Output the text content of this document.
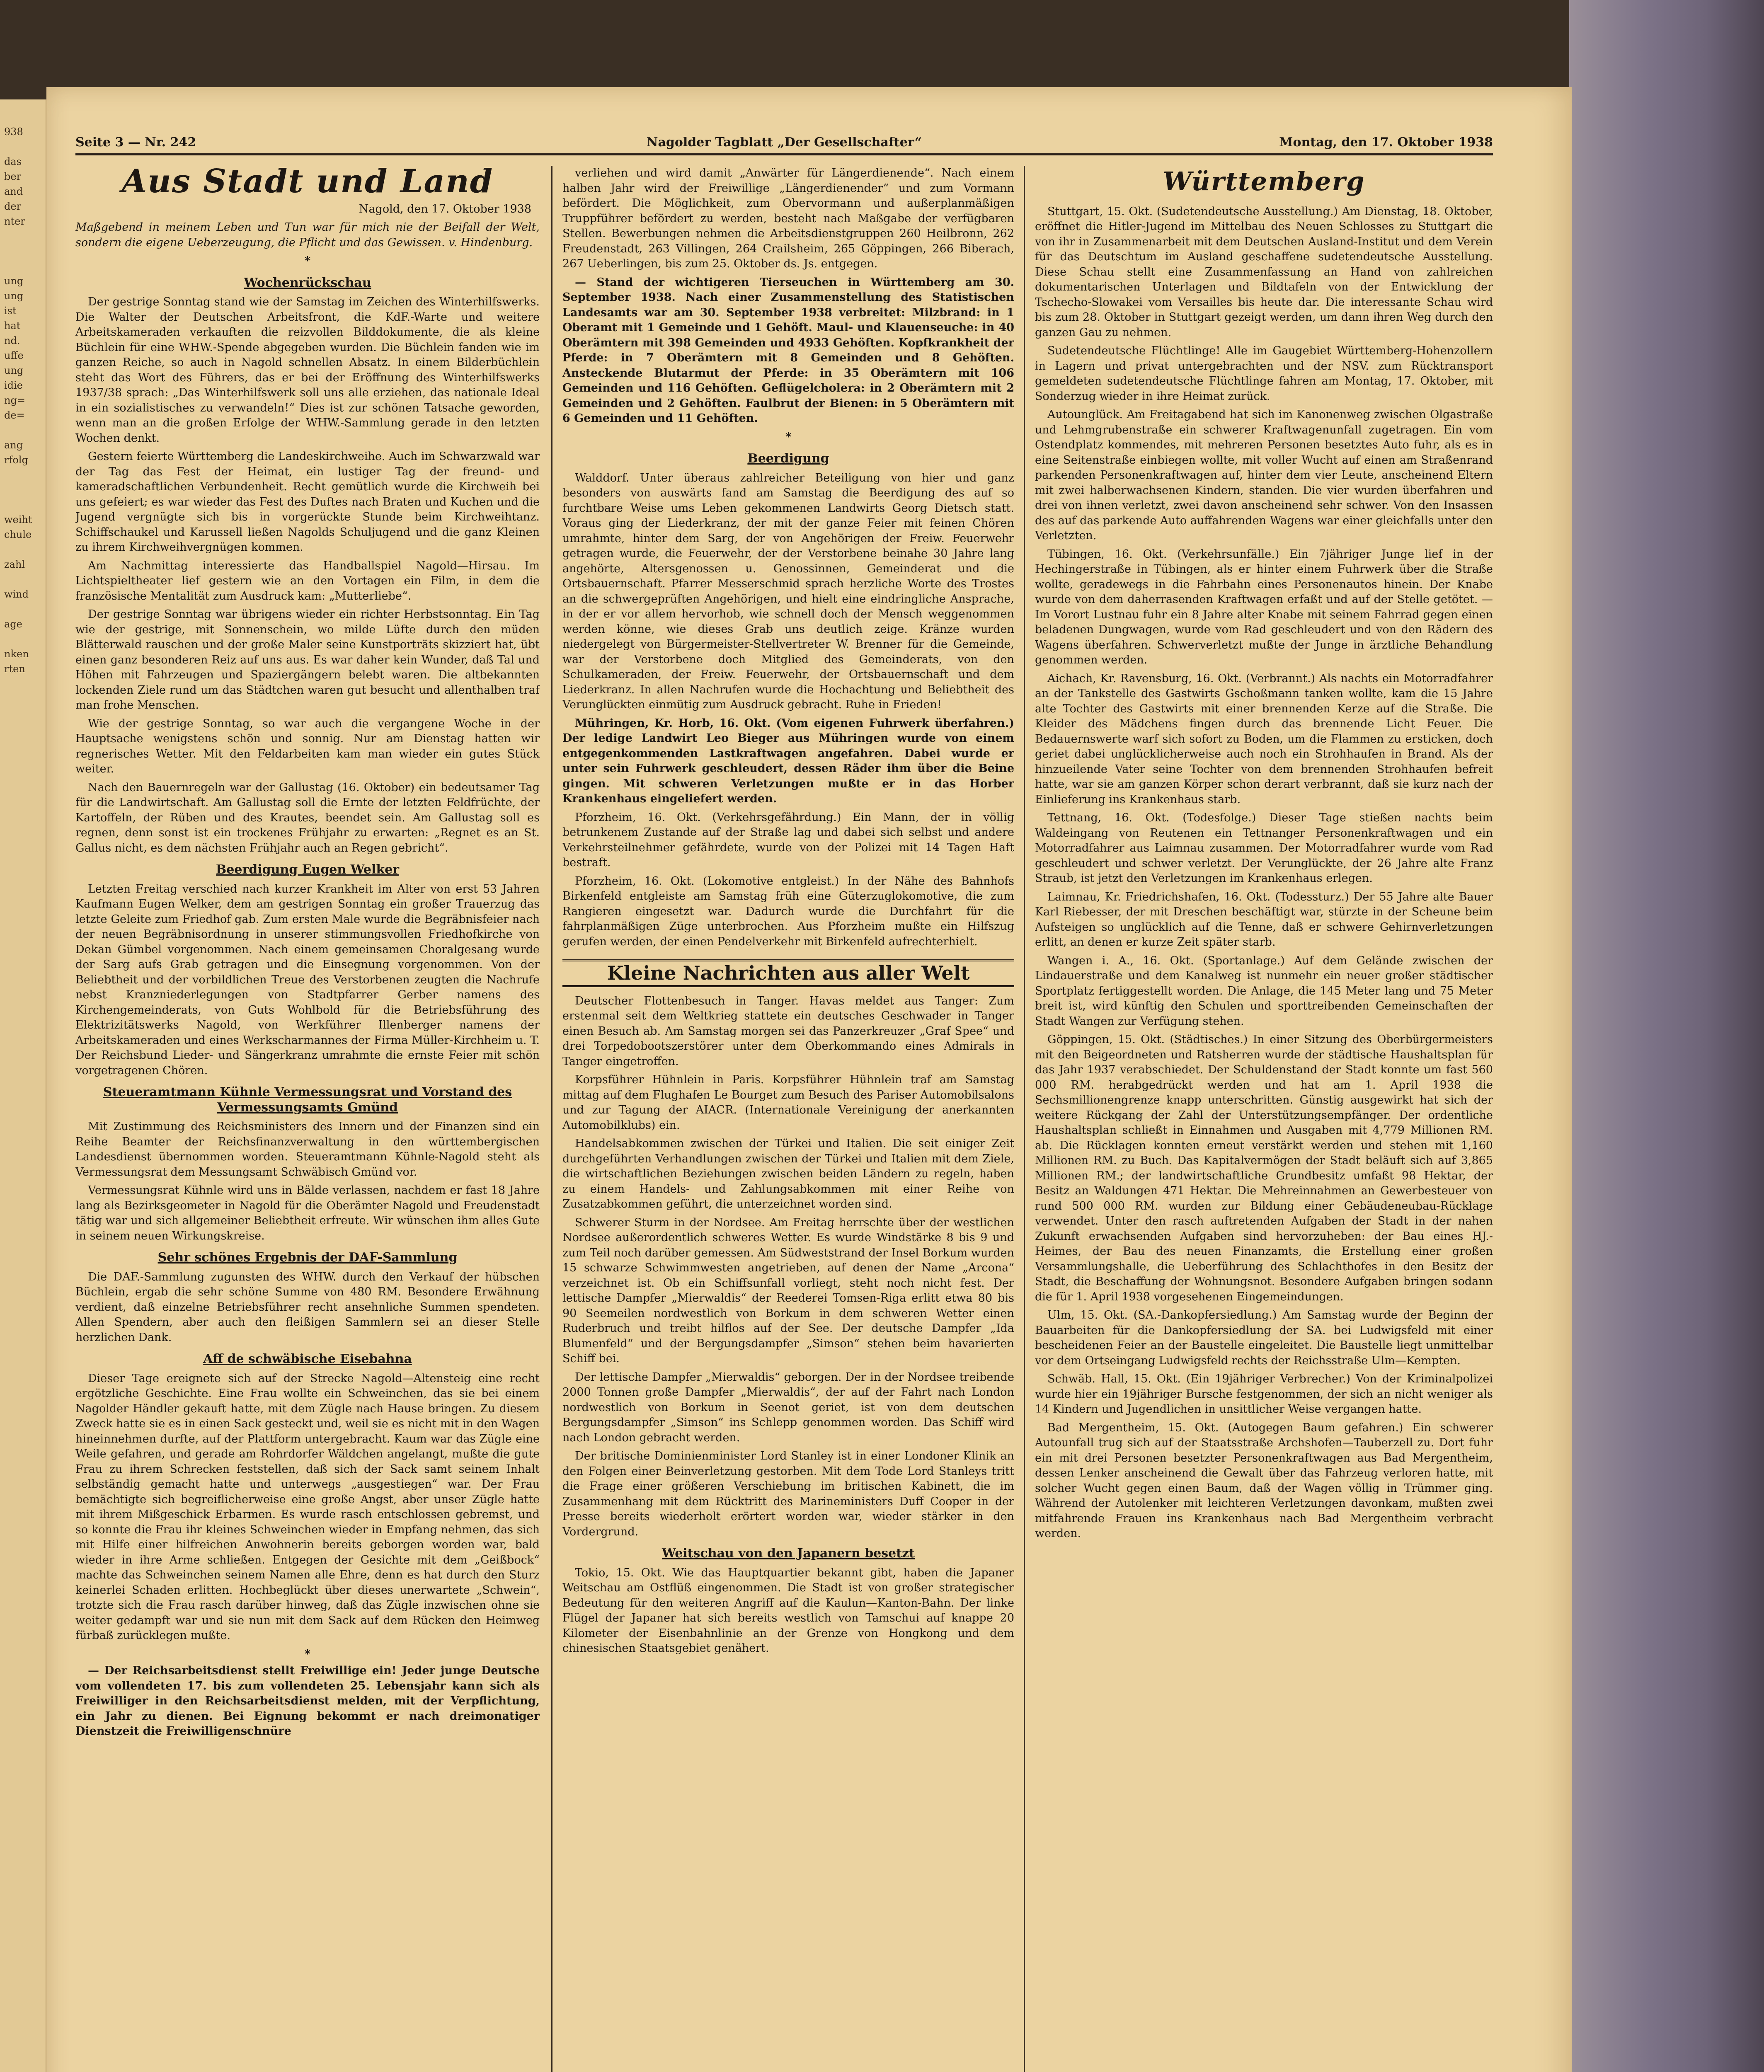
938

das
ber
and
der
nter

ung
ung
ist
hat
nd.
uffe
ung
idie
ng=
de=

ang
rfolg

weiht
chule

zahl

wind

age

nken
rten
Seite 3 — Nr. 242	Nagolder Tagblatt „Der Gesellschafter“	Montag, den 17. Oktober 1938
Aus Stadt und Land
Nagold, den 17. Oktober 1938
Maßgebend in meinem Leben und Tun war für mich nie der Beifall der Welt, sondern die eigene Ueberzeugung, die Pflicht und das Gewissen. v. Hindenburg.
*
Wochenrückschau

Der gestrige Sonntag stand wie der Samstag im Zeichen des Winterhilfswerks. Die Walter der Deutschen Arbeitsfront, die KdF.-Warte und weitere Arbeitskameraden verkauften die reizvollen Bilddokumente, die als kleine Büchlein für eine WHW.-Spende abgegeben wurden. Die Büchlein fanden wie im ganzen Reiche, so auch in Nagold schnellen Absatz. In einem Bilderbüchlein steht das Wort des Führers, das er bei der Eröffnung des Winterhilfswerks 1937/38 sprach: „Das Winterhilfswerk soll uns alle erziehen, das nationale Ideal in ein sozialistisches zu verwandeln!“ Dies ist zur schönen Tatsache geworden, wenn man an die großen Erfolge der WHW.-Sammlung gerade in den letzten Wochen denkt.

Gestern feierte Württemberg die Landeskirchweihe. Auch im Schwarzwald war der Tag das Fest der Heimat, ein lustiger Tag der freund- und kameradschaftlichen Verbundenheit. Recht gemütlich wurde die Kirchweih bei uns gefeiert; es war wieder das Fest des Duftes nach Braten und Kuchen und die Jugend vergnügte sich bis in vorgerückte Stunde beim Kirchweihtanz. Schiffschaukel und Karussell ließen Nagolds Schuljugend und die ganz Kleinen zu ihrem Kirchweihvergnügen kommen.

Am Nachmittag interessierte das Handballspiel Nagold—Hirsau. Im Lichtspieltheater lief gestern wie an den Vortagen ein Film, in dem die französische Mentalität zum Ausdruck kam: „Mutterliebe“.

Der gestrige Sonntag war übrigens wieder ein richter Herbstsonntag. Ein Tag wie der gestrige, mit Sonnenschein, wo milde Lüfte durch den müden Blätterwald rauschen und der große Maler seine Kunstporträts skizziert hat, übt einen ganz besonderen Reiz auf uns aus. Es war daher kein Wunder, daß Tal und Höhen mit Fahrzeugen und Spaziergängern belebt waren. Die altbekannten lockenden Ziele rund um das Städtchen waren gut besucht und allenthalben traf man frohe Menschen.

Wie der gestrige Sonntag, so war auch die vergangene Woche in der Hauptsache wenigstens schön und sonnig. Nur am Dienstag hatten wir regnerisches Wetter. Mit den Feldarbeiten kam man wieder ein gutes Stück weiter.

Nach den Bauernregeln war der Gallustag (16. Oktober) ein bedeutsamer Tag für die Landwirtschaft. Am Gallustag soll die Ernte der letzten Feldfrüchte, der Kartoffeln, der Rüben und des Krautes, beendet sein. Am Gallustag soll es regnen, denn sonst ist ein trockenes Frühjahr zu erwarten: „Regnet es an St. Gallus nicht, es dem nächsten Frühjahr auch an Regen gebricht“.

Beerdigung Eugen Welker

Letzten Freitag verschied nach kurzer Krankheit im Alter von erst 53 Jahren Kaufmann Eugen Welker, dem am gestrigen Sonntag ein großer Trauerzug das letzte Geleite zum Friedhof gab. Zum ersten Male wurde die Begräbnisfeier nach der neuen Begräbnisordnung in unserer stimmungsvollen Friedhofkirche von Dekan Gümbel vorgenommen. Nach einem gemeinsamen Choralgesang wurde der Sarg aufs Grab getragen und die Einsegnung vorgenommen. Von der Beliebtheit und der vorbildlichen Treue des Verstorbenen zeugten die Nachrufe nebst Kranzniederlegungen von Stadtpfarrer Gerber namens des Kirchengemeinderats, von Guts Wohlbold für die Betriebsführung des Elektrizitätswerks Nagold, von Werkführer Illenberger namens der Arbeitskameraden und eines Werkscharmannes der Firma Müller-Kirchheim u. T. Der Reichsbund Lieder- und Sängerkranz umrahmte die ernste Feier mit schön vorgetragenen Chören.

Steueramtmann Kühnle Vermessungsrat und Vorstand des Vermessungsamts Gmünd

Mit Zustimmung des Reichsministers des Innern und der Finanzen sind ein Reihe Beamter der Reichsfinanzverwaltung in den württembergischen Landesdienst übernommen worden. Steueramtmann Kühnle-Nagold steht als Vermessungsrat dem Messungsamt Schwäbisch Gmünd vor.

Vermessungsrat Kühnle wird uns in Bälde verlassen, nachdem er fast 18 Jahre lang als Bezirksgeometer in Nagold für die Oberämter Nagold und Freudenstadt tätig war und sich allgemeiner Beliebtheit erfreute. Wir wünschen ihm alles Gute in seinem neuen Wirkungskreise.

Sehr schönes Ergebnis der DAF-Sammlung

Die DAF.-Sammlung zugunsten des WHW. durch den Verkauf der hübschen Büchlein, ergab die sehr schöne Summe von 480 RM. Besondere Erwähnung verdient, daß einzelne Betriebsführer recht ansehnliche Summen spendeten. Allen Spendern, aber auch den fleißigen Sammlern sei an dieser Stelle herzlichen Dank.

Aff de schwäbische Eisebahna

Dieser Tage ereignete sich auf der Strecke Nagold—Altensteig eine recht ergötzliche Geschichte. Eine Frau wollte ein Schweinchen, das sie bei einem Nagolder Händler gekauft hatte, mit dem Zügle nach Hause bringen. Zu diesem Zweck hatte sie es in einen Sack gesteckt und, weil sie es nicht mit in den Wagen hineinnehmen durfte, auf der Plattform untergebracht. Kaum war das Zügle eine Weile gefahren, und gerade am Rohrdorfer Wäldchen angelangt, mußte die gute Frau zu ihrem Schrecken feststellen, daß sich der Sack samt seinem Inhalt selbständig gemacht hatte und unterwegs „ausgestiegen“ war. Der Frau bemächtigte sich begreiflicherweise eine große Angst, aber unser Zügle hatte mit ihrem Mißgeschick Erbarmen. Es wurde rasch entschlossen gebremst, und so konnte die Frau ihr kleines Schweinchen wieder in Empfang nehmen, das sich mit Hilfe einer hilfreichen Anwohnerin bereits geborgen worden war, bald wieder in ihre Arme schließen. Entgegen der Gesichte mit dem „Geißbock“ machte das Schweinchen seinem Namen alle Ehre, denn es hat durch den Sturz keinerlei Schaden erlitten. Hochbeglückt über dieses unerwartete „Schwein“, trotzte sich die Frau rasch darüber hinweg, daß das Zügle inzwischen ohne sie weiter gedampft war und sie nun mit dem Sack auf dem Rücken den Heimweg fürbaß zurücklegen mußte.

*

— Der Reichsarbeitsdienst stellt Freiwillige ein! Jeder junge Deutsche vom vollendeten 17. bis zum vollendeten 25. Lebensjahr kann sich als Freiwilliger in den Reichsarbeitsdienst melden, mit der Verpflichtung, ein Jahr zu dienen. Bei Eignung bekommt er nach dreimonatiger Dienstzeit die Freiwilligenschnüre

verliehen und wird damit „Anwärter für Längerdienende“. Nach einem halben Jahr wird der Freiwillige „Längerdienender“ und zum Vormann befördert. Die Möglichkeit, zum Obervormann und außerplanmäßigen Truppführer befördert zu werden, besteht nach Maßgabe der verfügbaren Stellen. Bewerbungen nehmen die Arbeitsdienstgruppen 260 Heilbronn, 262 Freudenstadt, 263 Villingen, 264 Crailsheim, 265 Göppingen, 266 Biberach, 267 Ueberlingen, bis zum 25. Oktober ds. Js. entgegen.

— Stand der wichtigeren Tierseuchen in Württemberg am 30. September 1938. Nach einer Zusammenstellung des Statistischen Landesamts war am 30. September 1938 verbreitet: Milzbrand: in 1 Oberamt mit 1 Gemeinde und 1 Gehöft. Maul- und Klauenseuche: in 40 Oberämtern mit 398 Gemeinden und 4933 Gehöften. Kopfkrankheit der Pferde: in 7 Oberämtern mit 8 Gemeinden und 8 Gehöften. Ansteckende Blutarmut der Pferde: in 35 Oberämtern mit 106 Gemeinden und 116 Gehöften. Geflügelcholera: in 2 Oberämtern mit 2 Gemeinden und 2 Gehöften. Faulbrut der Bienen: in 5 Oberämtern mit 6 Gemeinden und 11 Gehöften.

*
Beerdigung

Walddorf. Unter überaus zahlreicher Beteiligung von hier und ganz besonders von auswärts fand am Samstag die Beerdigung des auf so furchtbare Weise ums Leben gekommenen Landwirts Georg Dietsch statt. Voraus ging der Liederkranz, der mit der ganze Feier mit feinen Chören umrahmte, hinter dem Sarg, der von Angehörigen der Freiw. Feuerwehr getragen wurde, die Feuerwehr, der der Verstorbene beinahe 30 Jahre lang angehörte, Altersgenossen u. Genossinnen, Gemeinderat und die Ortsbauernschaft. Pfarrer Messerschmid sprach herzliche Worte des Trostes an die schwergeprüften Angehörigen, und hielt eine eindringliche Ansprache, in der er vor allem hervorhob, wie schnell doch der Mensch weggenommen werden könne, wie dieses Grab uns deutlich zeige. Kränze wurden niedergelegt von Bürgermeister-Stellvertreter W. Brenner für die Gemeinde, war der Verstorbene doch Mitglied des Gemeinderats, von den Schulkameraden, der Freiw. Feuerwehr, der Ortsbauernschaft und dem Liederkranz. In allen Nachrufen wurde die Hochachtung und Beliebtheit des Verunglückten einmütig zum Ausdruck gebracht. Ruhe in Frieden!

Mühringen, Kr. Horb, 16. Okt. (Vom eigenen Fuhrwerk überfahren.) Der ledige Landwirt Leo Bieger aus Mühringen wurde von einem entgegenkommenden Lastkraftwagen angefahren. Dabei wurde er unter sein Fuhrwerk geschleudert, dessen Räder ihm über die Beine gingen. Mit schweren Verletzungen mußte er in das Horber Krankenhaus eingeliefert werden.

Pforzheim, 16. Okt. (Verkehrsgefährdung.) Ein Mann, der in völlig betrunkenem Zustande auf der Straße lag und dabei sich selbst und andere Verkehrsteilnehmer gefährdete, wurde von der Polizei mit 14 Tagen Haft bestraft.

Pforzheim, 16. Okt. (Lokomotive entgleist.) In der Nähe des Bahnhofs Birkenfeld entgleiste am Samstag früh eine Güterzuglokomotive, die zum Rangieren eingesetzt war. Dadurch wurde die Durchfahrt für die fahrplanmäßigen Züge unterbrochen. Aus Pforzheim mußte ein Hilfszug gerufen werden, der einen Pendelverkehr mit Birkenfeld aufrechterhielt.

Kleine Nachrichten aus aller Welt

Deutscher Flottenbesuch in Tanger. Havas meldet aus Tanger: Zum erstenmal seit dem Weltkrieg stattete ein deutsches Geschwader in Tanger einen Besuch ab. Am Samstag morgen sei das Panzerkreuzer „Graf Spee“ und drei Torpedobootszerstörer unter dem Oberkommando eines Admirals in Tanger eingetroffen.

Korpsführer Hühnlein in Paris. Korpsführer Hühnlein traf am Samstag mittag auf dem Flughafen Le Bourget zum Besuch des Pariser Automobilsalons und zur Tagung der AIACR. (Internationale Vereinigung der anerkannten Automobilklubs) ein.

Handelsabkommen zwischen der Türkei und Italien. Die seit einiger Zeit durchgeführten Verhandlungen zwischen der Türkei und Italien mit dem Ziele, die wirtschaftlichen Beziehungen zwischen beiden Ländern zu regeln, haben zu einem Handels- und Zahlungsabkommen mit einer Reihe von Zusatzabkommen geführt, die unterzeichnet worden sind.

Schwerer Sturm in der Nordsee. Am Freitag herrschte über der westlichen Nordsee außerordentlich schweres Wetter. Es wurde Windstärke 8 bis 9 und zum Teil noch darüber gemessen. Am Südweststrand der Insel Borkum wurden 15 schwarze Schwimmwesten angetrieben, auf denen der Name „Arcona“ verzeichnet ist. Ob ein Schiffsunfall vorliegt, steht noch nicht fest. Der lettische Dampfer „Mierwaldis“ der Reederei Tomsen-Riga erlitt etwa 80 bis 90 Seemeilen nordwestlich von Borkum in dem schweren Wetter einen Ruderbruch und treibt hilflos auf der See. Der deutsche Dampfer „Ida Blumenfeld“ und der Bergungsdampfer „Simson“ stehen beim havarierten Schiff bei.

Der lettische Dampfer „Mierwaldis“ geborgen. Der in der Nordsee treibende 2000 Tonnen große Dampfer „Mierwaldis“, der auf der Fahrt nach London nordwestlich von Borkum in Seenot geriet, ist von dem deutschen Bergungsdampfer „Simson“ ins Schlepp genommen worden. Das Schiff wird nach London gebracht werden.

Der britische Dominienminister Lord Stanley ist in einer Londoner Klinik an den Folgen einer Beinverletzung gestorben. Mit dem Tode Lord Stanleys tritt die Frage einer größeren Verschiebung im britischen Kabinett, die im Zusammenhang mit dem Rücktritt des Marineministers Duff Cooper in der Presse bereits wiederholt erörtert worden war, wieder stärker in den Vordergrund.

Weitschau von den Japanern besetzt

Tokio, 15. Okt. Wie das Hauptquartier bekannt gibt, haben die Japaner Weitschau am Ostflüß eingenommen. Die Stadt ist von großer strategischer Bedeutung für den weiteren Angriff auf die Kaulun—Kanton-Bahn. Der linke Flügel der Japaner hat sich bereits westlich von Tamschui auf knappe 20 Kilometer der Eisenbahnlinie an der Grenze von Hongkong und dem chinesischen Staatsgebiet genähert.

Württemberg

Stuttgart, 15. Okt. (Sudetendeutsche Ausstellung.) Am Dienstag, 18. Oktober, eröffnet die Hitler-Jugend im Mittelbau des Neuen Schlosses zu Stuttgart die von ihr in Zusammenarbeit mit dem Deutschen Ausland-Institut und dem Verein für das Deutschtum im Ausland geschaffene sudetendeutsche Ausstellung. Diese Schau stellt eine Zusammenfassung an Hand von zahlreichen dokumentarischen Unterlagen und Bildtafeln von der Entwicklung der Tschecho-Slowakei vom Versailles bis heute dar. Die interessante Schau wird bis zum 28. Oktober in Stuttgart gezeigt werden, um dann ihren Weg durch den ganzen Gau zu nehmen.

Sudetendeutsche Flüchtlinge! Alle im Gaugebiet Württemberg-Hohenzollern in Lagern und privat untergebrachten und der NSV. zum Rücktransport gemeldeten sudetendeutsche Flüchtlinge fahren am Montag, 17. Oktober, mit Sonderzug wieder in ihre Heimat zurück.

Autounglück. Am Freitagabend hat sich im Kanonenweg zwischen Olgastraße und Lehmgrubenstraße ein schwerer Kraftwagenunfall zugetragen. Ein vom Ostendplatz kommendes, mit mehreren Personen besetztes Auto fuhr, als es in eine Seitenstraße einbiegen wollte, mit voller Wucht auf einen am Straßenrand parkenden Personenkraftwagen auf, hinter dem vier Leute, anscheinend Eltern mit zwei halberwachsenen Kindern, standen. Die vier wurden überfahren und drei von ihnen verletzt, zwei davon anscheinend sehr schwer. Von den Insassen des auf das parkende Auto auffahrenden Wagens war einer gleichfalls unter den Verletzten.

Tübingen, 16. Okt. (Verkehrsunfälle.) Ein 7jähriger Junge lief in der Hechingerstraße in Tübingen, als er hinter einem Fuhrwerk über die Straße wollte, geradewegs in die Fahrbahn eines Personenautos hinein. Der Knabe wurde von dem daherrasenden Kraftwagen erfaßt und auf der Stelle getötet. — Im Vorort Lustnau fuhr ein 8 Jahre alter Knabe mit seinem Fahrrad gegen einen beladenen Dungwagen, wurde vom Rad geschleudert und von den Rädern des Wagens überfahren. Schwerverletzt mußte der Junge in ärztliche Behandlung genommen werden.

Aichach, Kr. Ravensburg, 16. Okt. (Verbrannt.) Als nachts ein Motorradfahrer an der Tankstelle des Gastwirts Gschoßmann tanken wollte, kam die 15 Jahre alte Tochter des Gastwirts mit einer brennenden Kerze auf die Straße. Die Kleider des Mädchens fingen durch das brennende Licht Feuer. Die Bedauernswerte warf sich sofort zu Boden, um die Flammen zu ersticken, doch geriet dabei unglücklicherweise auch noch ein Strohhaufen in Brand. Als der hinzueilende Vater seine Tochter von dem brennenden Strohhaufen befreit hatte, war sie am ganzen Körper schon derart verbrannt, daß sie kurz nach der Einlieferung ins Krankenhaus starb.

Tettnang, 16. Okt. (Todesfolge.) Dieser Tage stießen nachts beim Waldeingang von Reutenen ein Tettnanger Personenkraftwagen und ein Motorradfahrer aus Laimnau zusammen. Der Motorradfahrer wurde vom Rad geschleudert und schwer verletzt. Der Verunglückte, der 26 Jahre alte Franz Straub, ist jetzt den Verletzungen im Krankenhaus erlegen.

Laimnau, Kr. Friedrichshafen, 16. Okt. (Todessturz.) Der 55 Jahre alte Bauer Karl Riebesser, der mit Dreschen beschäftigt war, stürzte in der Scheune beim Aufsteigen so unglücklich auf die Tenne, daß er schwere Gehirnverletzungen erlitt, an denen er kurze Zeit später starb.

Wangen i. A., 16. Okt. (Sportanlage.) Auf dem Gelände zwischen der Lindauerstraße und dem Kanalweg ist nunmehr ein neuer großer städtischer Sportplatz fertiggestellt worden. Die Anlage, die 145 Meter lang und 75 Meter breit ist, wird künftig den Schulen und sporttreibenden Gemeinschaften der Stadt Wangen zur Verfügung stehen.

Göppingen, 15. Okt. (Städtisches.) In einer Sitzung des Oberbürgermeisters mit den Beigeordneten und Ratsherren wurde der städtische Haushaltsplan für das Jahr 1937 verabschiedet. Der Schuldenstand der Stadt konnte um fast 560 000 RM. herabgedrückt werden und hat am 1. April 1938 die Sechsmillionengrenze knapp unterschritten. Günstig ausgewirkt hat sich der weitere Rückgang der Zahl der Unterstützungsempfänger. Der ordentliche Haushaltsplan schließt in Einnahmen und Ausgaben mit 4,779 Millionen RM. ab. Die Rücklagen konnten erneut verstärkt werden und stehen mit 1,160 Millionen RM. zu Buch. Das Kapitalvermögen der Stadt beläuft sich auf 3,865 Millionen RM.; der landwirtschaftliche Grundbesitz umfaßt 98 Hektar, der Besitz an Waldungen 471 Hektar. Die Mehreinnahmen an Gewerbesteuer von rund 500 000 RM. wurden zur Bildung einer Gebäudeneubau-Rücklage verwendet. Unter den rasch auftretenden Aufgaben der Stadt in der nahen Zukunft erwachsenden Aufgaben sind hervorzuheben: der Bau eines HJ.-Heimes, der Bau des neuen Finanzamts, die Erstellung einer großen Versammlungshalle, die Ueberführung des Schlachthofes in den Besitz der Stadt, die Beschaffung der Wohnungsnot. Besondere Aufgaben bringen sodann die für 1. April 1938 vorgesehenen Eingemeindungen.

Ulm, 15. Okt. (SA.-Dankopfersiedlung.) Am Samstag wurde der Beginn der Bauarbeiten für die Dankopfersiedlung der SA. bei Ludwigsfeld mit einer bescheidenen Feier an der Baustelle eingeleitet. Die Baustelle liegt unmittelbar vor dem Ortseingang Ludwigsfeld rechts der Reichsstraße Ulm—Kempten.

Schwäb. Hall, 15. Okt. (Ein 19jähriger Verbrecher.) Von der Kriminalpolizei wurde hier ein 19jähriger Bursche festgenommen, der sich an nicht weniger als 14 Kindern und Jugendlichen in unsittlicher Weise vergangen hatte.

Bad Mergentheim, 15. Okt. (Autogegen Baum gefahren.) Ein schwerer Autounfall trug sich auf der Staatsstraße Archshofen—Tauberzell zu. Dort fuhr ein mit drei Personen besetzter Personenkraftwagen aus Bad Mergentheim, dessen Lenker anscheinend die Gewalt über das Fahrzeug verloren hatte, mit solcher Wucht gegen einen Baum, daß der Wagen völlig in Trümmer ging. Während der Autolenker mit leichteren Verletzungen davonkam, mußten zwei mitfahrende Frauen ins Krankenhaus nach Bad Mergentheim verbracht werden.
